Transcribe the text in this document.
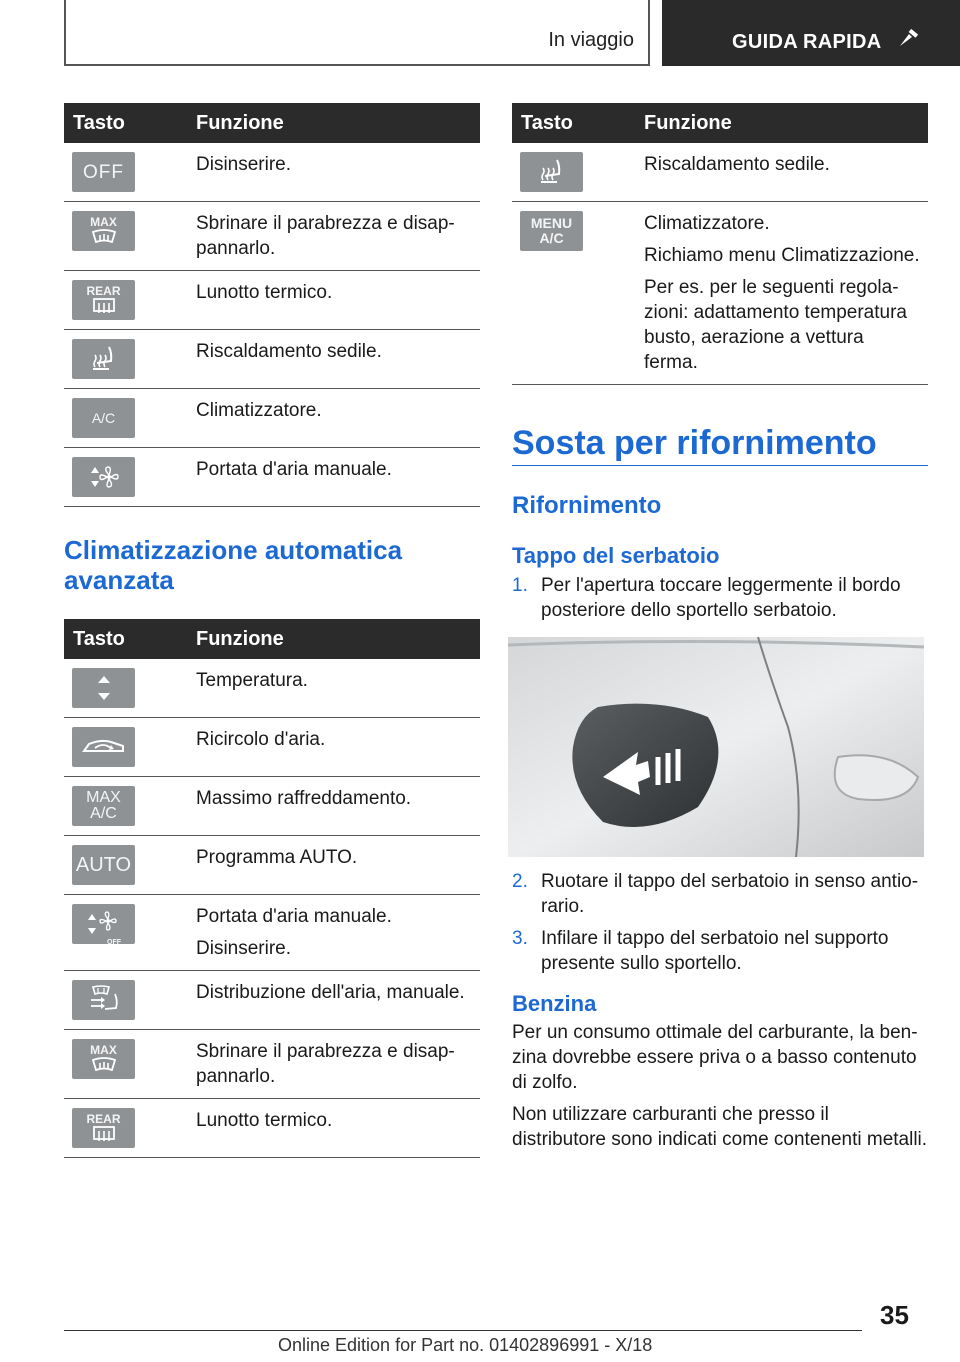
In viaggio	GUIDA RAPIDA
Tasto	Funzione

OFF	Disinserire.

MAX	Sbrinare il parabrezza e disap-pannarlo.

REAR	Lunotto termico.

Riscaldamento sedile.

A/C	Climatizzatore.

Portata d'aria manuale.

Climatizzazione automatica avanzata
Tasto	Funzione

Temperatura.

Ricircolo d'aria.

MAX A/C	Massimo raffreddamento.

AUTO	Programma AUTO.

OFF	Portata d'aria manuale.

Disinserire.

Distribuzione dell'aria, manuale.

MAX	Sbrinare il parabrezza e disap-pannarlo.

REAR	Lunotto termico.

Tasto	Funzione

Riscaldamento sedile.

MENU A/C	Climatizzatore.

Richiamo menu Climatizzazione.

Per es. per le seguenti regola-zioni: adattamento temperatura busto, aerazione a vettura ferma.

Sosta per rifornimento
Rifornimento
Tappo del serbatoio
1. Per l'apertura toccare leggermente il bordo posteriore dello sportello serbatoio.
2. Ruotare il tappo del serbatoio in senso antio-rario.
3. Infilare il tappo del serbatoio nel supporto presente sullo sportello.
Benzina

Per un consumo ottimale del carburante, la ben-zina dovrebbe essere priva o a basso contenuto di zolfo.

Non utilizzare carburanti che presso il distributore sono indicati come contenenti metalli.

35
Online Edition for Part no. 01402896991 - X/18
